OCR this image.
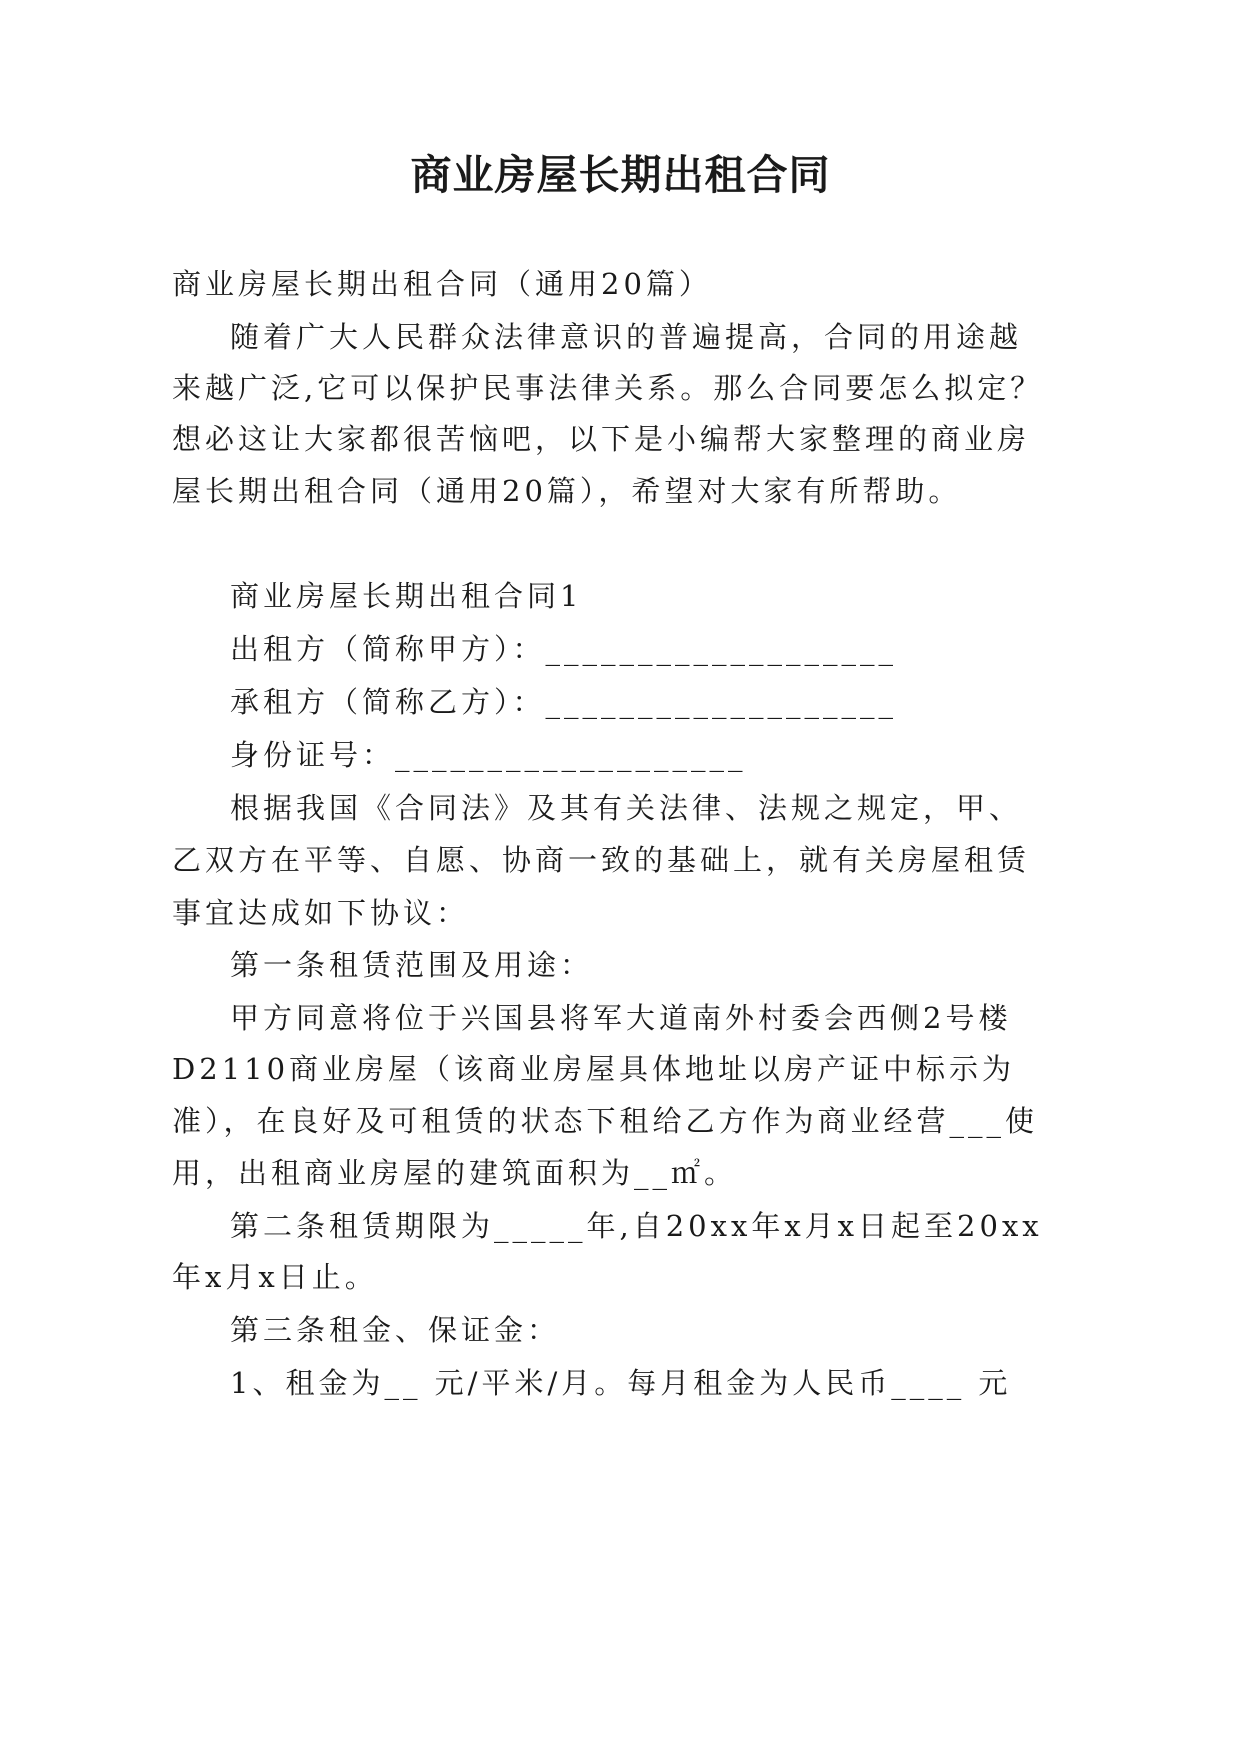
商业房屋长期出租合同
商业房屋长期出租合同（通用20篇）
随着广大人民群众法律意识的普遍提高，合同的用途越
来越广泛,它可以保护民事法律关系。那么合同要怎么拟定？
想必这让大家都很苦恼吧，以下是小编帮大家整理的商业房
屋长期出租合同（通用20篇），希望对大家有所帮助。
商业房屋长期出租合同1
出租方（简称甲方）：___________________
承租方（简称乙方）：___________________
身份证号：___________________
根据我国《合同法》及其有关法律、法规之规定，甲、
乙双方在平等、自愿、协商一致的基础上，就有关房屋租赁
事宜达成如下协议：
第一条租赁范围及用途：
甲方同意将位于兴国县将军大道南外村委会西侧2号楼
D2110商业房屋（该商业房屋具体地址以房产证中标示为
准），在良好及可租赁的状态下租给乙方作为商业经营___使
用，出租商业房屋的建筑面积为__㎡。
第二条租赁期限为_____年,自20xx年x月x日起至20xx
年x月x日止。
第三条租金、保证金：
1、租金为__ 元/平米/月。每月租金为人民币____ 元
